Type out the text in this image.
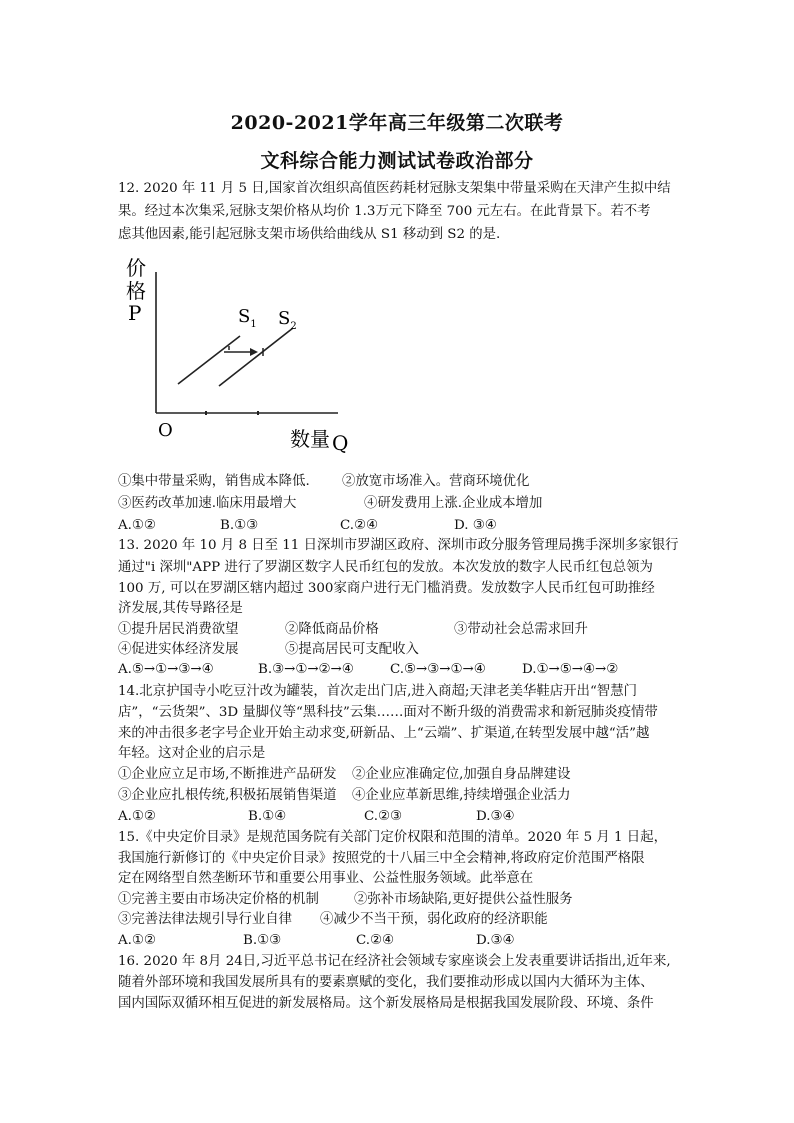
2020-2021学年高三年级第二次联考
文科综合能力测试试卷政治部分
12. 2020 年 11 月 5 日,国家首次组织高值医药耗材冠脉支架集中带量采购在天津产生拟中结
果。经过本次集采,冠脉支架价格从均价 1.3万元下降至 700 元左右。在此背景下。若不考
虑其他因素,能引起冠脉支架市场供给曲线从 S1 移动到 S2 的是.
价
格
P
O	数量 Q
$S_1$ $S_2$
①集中带量采购，销售成本降低. ②放宽市场准入。营商环境优化
③医药改革加速.临床用最增大	④研发费用上涨.企业成本增加
A.①②	B.①③	C.②④	D. ③④
13. 2020 年 10 月 8 日至 11 日深圳市罗湖区政府、深圳市政分服务管理局携手深圳多家银行
通过"i 深圳"APP 进行了罗湖区数字人民币红包的发放。本次发放的数字人民币红包总领为
100 万, 可以在罗湖区辖内超过 300家商户进行无门槛消费。发放数字人民币红包可助推经
济发展,其传导路径是
①提升居民消费欲望	②降低商品价格	③带动社会总需求回升
④促进实体经济发展	⑤提高居民可支配收入
A.⑤→①→③→④	B.③→①→②→④	C.⑤→③→①→④	D.①→⑤→④→②
14.北京护国寺小吃豆汁改为罐装，首次走出门店,进入商超;天津老美华鞋店开出“智慧门
店”，“云货架”、3D 量脚仪等“黑科技”云集……面对不断升级的消费需求和新冠肺炎疫情带
来的冲击很多老字号企业开始主动求变,研新品、上“云端”、扩渠道,在转型发展中越“活”越
年轻。这对企业的启示是
①企业应立足市场,不断推进产品研发 ②企业应准确定位,加强自身品牌建设
③企业应扎根传统,积极拓展销售渠道 ④企业应革新思维,持续增强企业活力
A.①②	B.①④	C.②③	D.③④
15.《中央定价目录》是规范国务院有关部门定价权限和范围的清单。2020 年 5 月 1 日起，
我国施行新修订的《中央定价目录》按照党的十八届三中全会精神,将政府定价范围严格限
定在网络型自然垄断环节和重要公用事业、公益性服务领域。此举意在
①完善主要由市场决定价格的机制	②弥补市场缺陷,更好提供公益性服务
③完善法律法规引导行业自律 ④减少不当干预，弱化政府的经济职能
A.①②	B.①③	C.②④	D.③④
16. 2020 年 8月 24日,习近平总书记在经济社会领域专家座谈会上发表重要讲话指出,近年来,
随着外部环境和我国发展所具有的要素禀赋的变化，我们要推动形成以国内大循环为主体、
国内国际双循环相互促进的新发展格局。这个新发展格局是根据我国发展阶段、环境、条件
